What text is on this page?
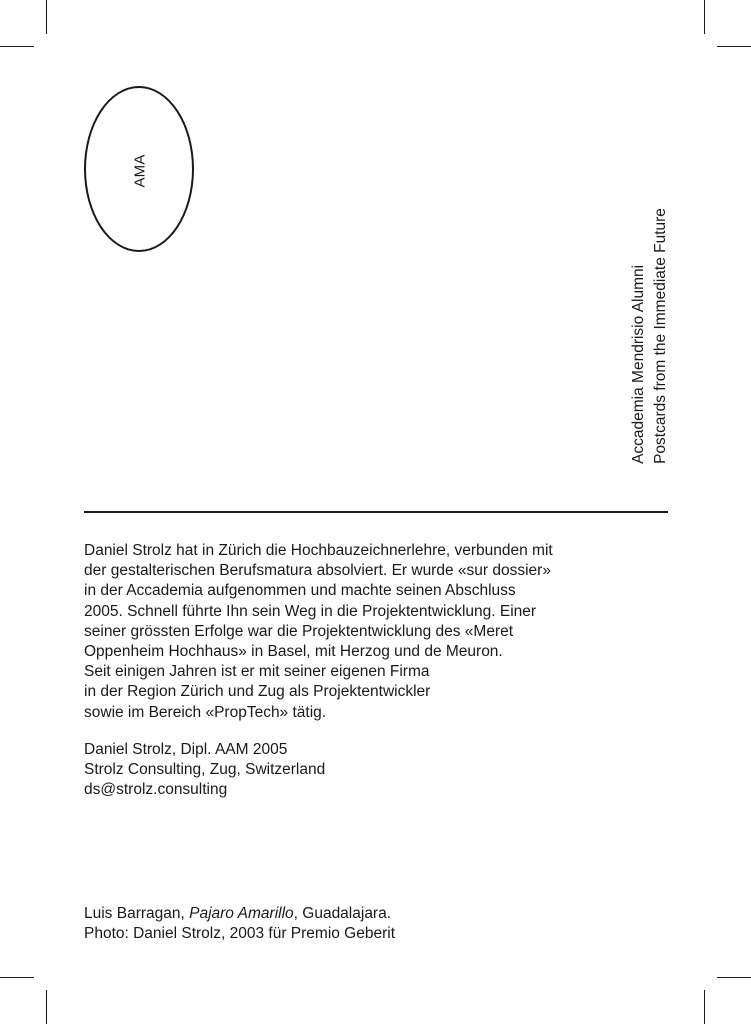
AMA
Accademia Mendrisio Alumni Postcards from the Immediate Future
Daniel Strolz hat in Zürich die Hochbauzeichnerlehre, verbunden mit
der gestalterischen Berufsmatura absolviert. Er wurde «sur dossier»
in der Accademia aufgenommen und machte seinen Abschluss
2005. Schnell führte Ihn sein Weg in die Projektentwicklung. Einer
seiner grössten Erfolge war die Projektentwicklung des «Meret
Oppenheim Hochhaus» in Basel, mit Herzog und de Meuron.
Seit einigen Jahren ist er mit seiner eigenen Firma
in der Region Zürich und Zug als Projektentwickler
sowie im Bereich «PropTech» tätig.
Daniel Strolz, Dipl. AAM 2005
Strolz Consulting, Zug, Switzerland
ds@strolz.consulting
Luis Barragan, Pajaro Amarillo, Guadalajara.
Photo: Daniel Strolz, 2003 für Premio Geberit
